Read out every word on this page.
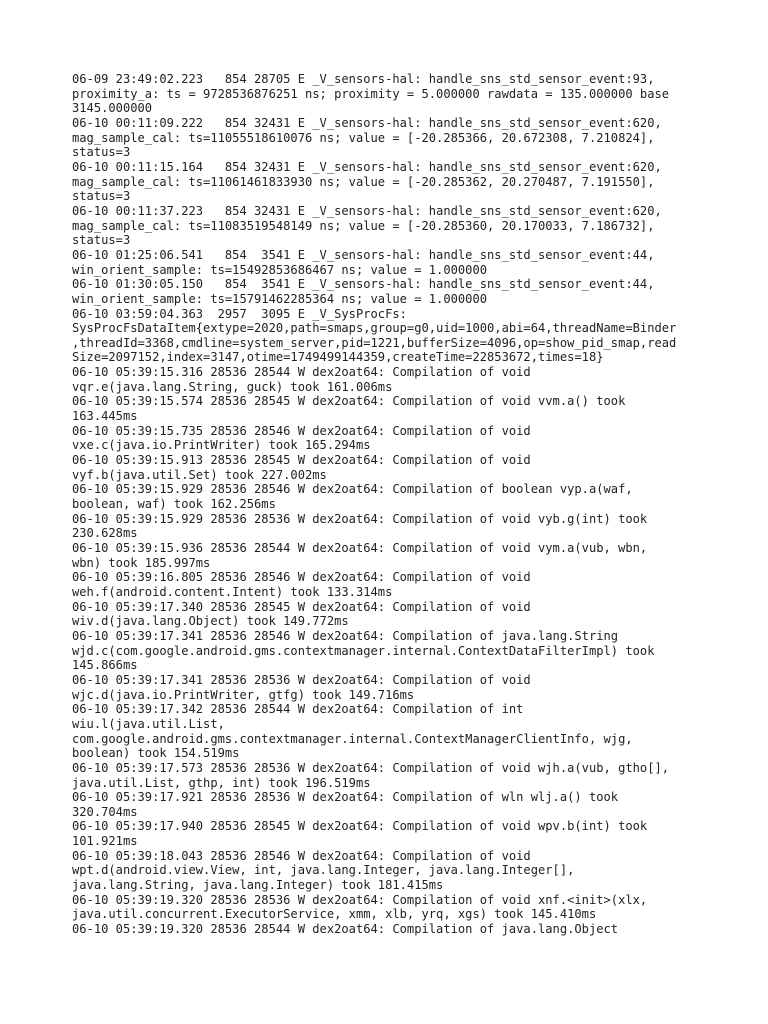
06-09 23:49:02.223   854 28705 E _V_sensors-hal: handle_sns_std_sensor_event:93,
proximity_a: ts = 9728536876251 ns; proximity = 5.000000 rawdata = 135.000000 base
3145.000000
06-10 00:11:09.222   854 32431 E _V_sensors-hal: handle_sns_std_sensor_event:620,
mag_sample_cal: ts=11055518610076 ns; value = [-20.285366, 20.672308, 7.210824],
status=3
06-10 00:11:15.164   854 32431 E _V_sensors-hal: handle_sns_std_sensor_event:620,
mag_sample_cal: ts=11061461833930 ns; value = [-20.285362, 20.270487, 7.191550],
status=3
06-10 00:11:37.223   854 32431 E _V_sensors-hal: handle_sns_std_sensor_event:620,
mag_sample_cal: ts=11083519548149 ns; value = [-20.285360, 20.170033, 7.186732],
status=3
06-10 01:25:06.541   854  3541 E _V_sensors-hal: handle_sns_std_sensor_event:44,
win_orient_sample: ts=15492853686467 ns; value = 1.000000
06-10 01:30:05.150   854  3541 E _V_sensors-hal: handle_sns_std_sensor_event:44,
win_orient_sample: ts=15791462285364 ns; value = 1.000000
06-10 03:59:04.363  2957  3095 E _V_SysProcFs:
SysProcFsDataItem{extype=2020,path=smaps,group=g0,uid=1000,abi=64,threadName=Binder
,threadId=3368,cmdline=system_server,pid=1221,bufferSize=4096,op=show_pid_smap,read
Size=2097152,index=3147,otime=1749499144359,createTime=22853672,times=18}
06-10 05:39:15.316 28536 28544 W dex2oat64: Compilation of void
vqr.e(java.lang.String, guck) took 161.006ms
06-10 05:39:15.574 28536 28545 W dex2oat64: Compilation of void vvm.a() took
163.445ms
06-10 05:39:15.735 28536 28546 W dex2oat64: Compilation of void
vxe.c(java.io.PrintWriter) took 165.294ms
06-10 05:39:15.913 28536 28545 W dex2oat64: Compilation of void
vyf.b(java.util.Set) took 227.002ms
06-10 05:39:15.929 28536 28546 W dex2oat64: Compilation of boolean vyp.a(waf,
boolean, waf) took 162.256ms
06-10 05:39:15.929 28536 28536 W dex2oat64: Compilation of void vyb.g(int) took
230.628ms
06-10 05:39:15.936 28536 28544 W dex2oat64: Compilation of void vym.a(vub, wbn,
wbn) took 185.997ms
06-10 05:39:16.805 28536 28546 W dex2oat64: Compilation of void
weh.f(android.content.Intent) took 133.314ms
06-10 05:39:17.340 28536 28545 W dex2oat64: Compilation of void
wiv.d(java.lang.Object) took 149.772ms
06-10 05:39:17.341 28536 28546 W dex2oat64: Compilation of java.lang.String
wjd.c(com.google.android.gms.contextmanager.internal.ContextDataFilterImpl) took
145.866ms
06-10 05:39:17.341 28536 28536 W dex2oat64: Compilation of void
wjc.d(java.io.PrintWriter, gtfg) took 149.716ms
06-10 05:39:17.342 28536 28544 W dex2oat64: Compilation of int
wiu.l(java.util.List,
com.google.android.gms.contextmanager.internal.ContextManagerClientInfo, wjg,
boolean) took 154.519ms
06-10 05:39:17.573 28536 28536 W dex2oat64: Compilation of void wjh.a(vub, gtho[],
java.util.List, gthp, int) took 196.519ms
06-10 05:39:17.921 28536 28536 W dex2oat64: Compilation of wln wlj.a() took
320.704ms
06-10 05:39:17.940 28536 28545 W dex2oat64: Compilation of void wpv.b(int) took
101.921ms
06-10 05:39:18.043 28536 28546 W dex2oat64: Compilation of void
wpt.d(android.view.View, int, java.lang.Integer, java.lang.Integer[],
java.lang.String, java.lang.Integer) took 181.415ms
06-10 05:39:19.320 28536 28536 W dex2oat64: Compilation of void xnf.<init>(xlx,
java.util.concurrent.ExecutorService, xmm, xlb, yrq, xgs) took 145.410ms
06-10 05:39:19.320 28536 28544 W dex2oat64: Compilation of java.lang.Object
